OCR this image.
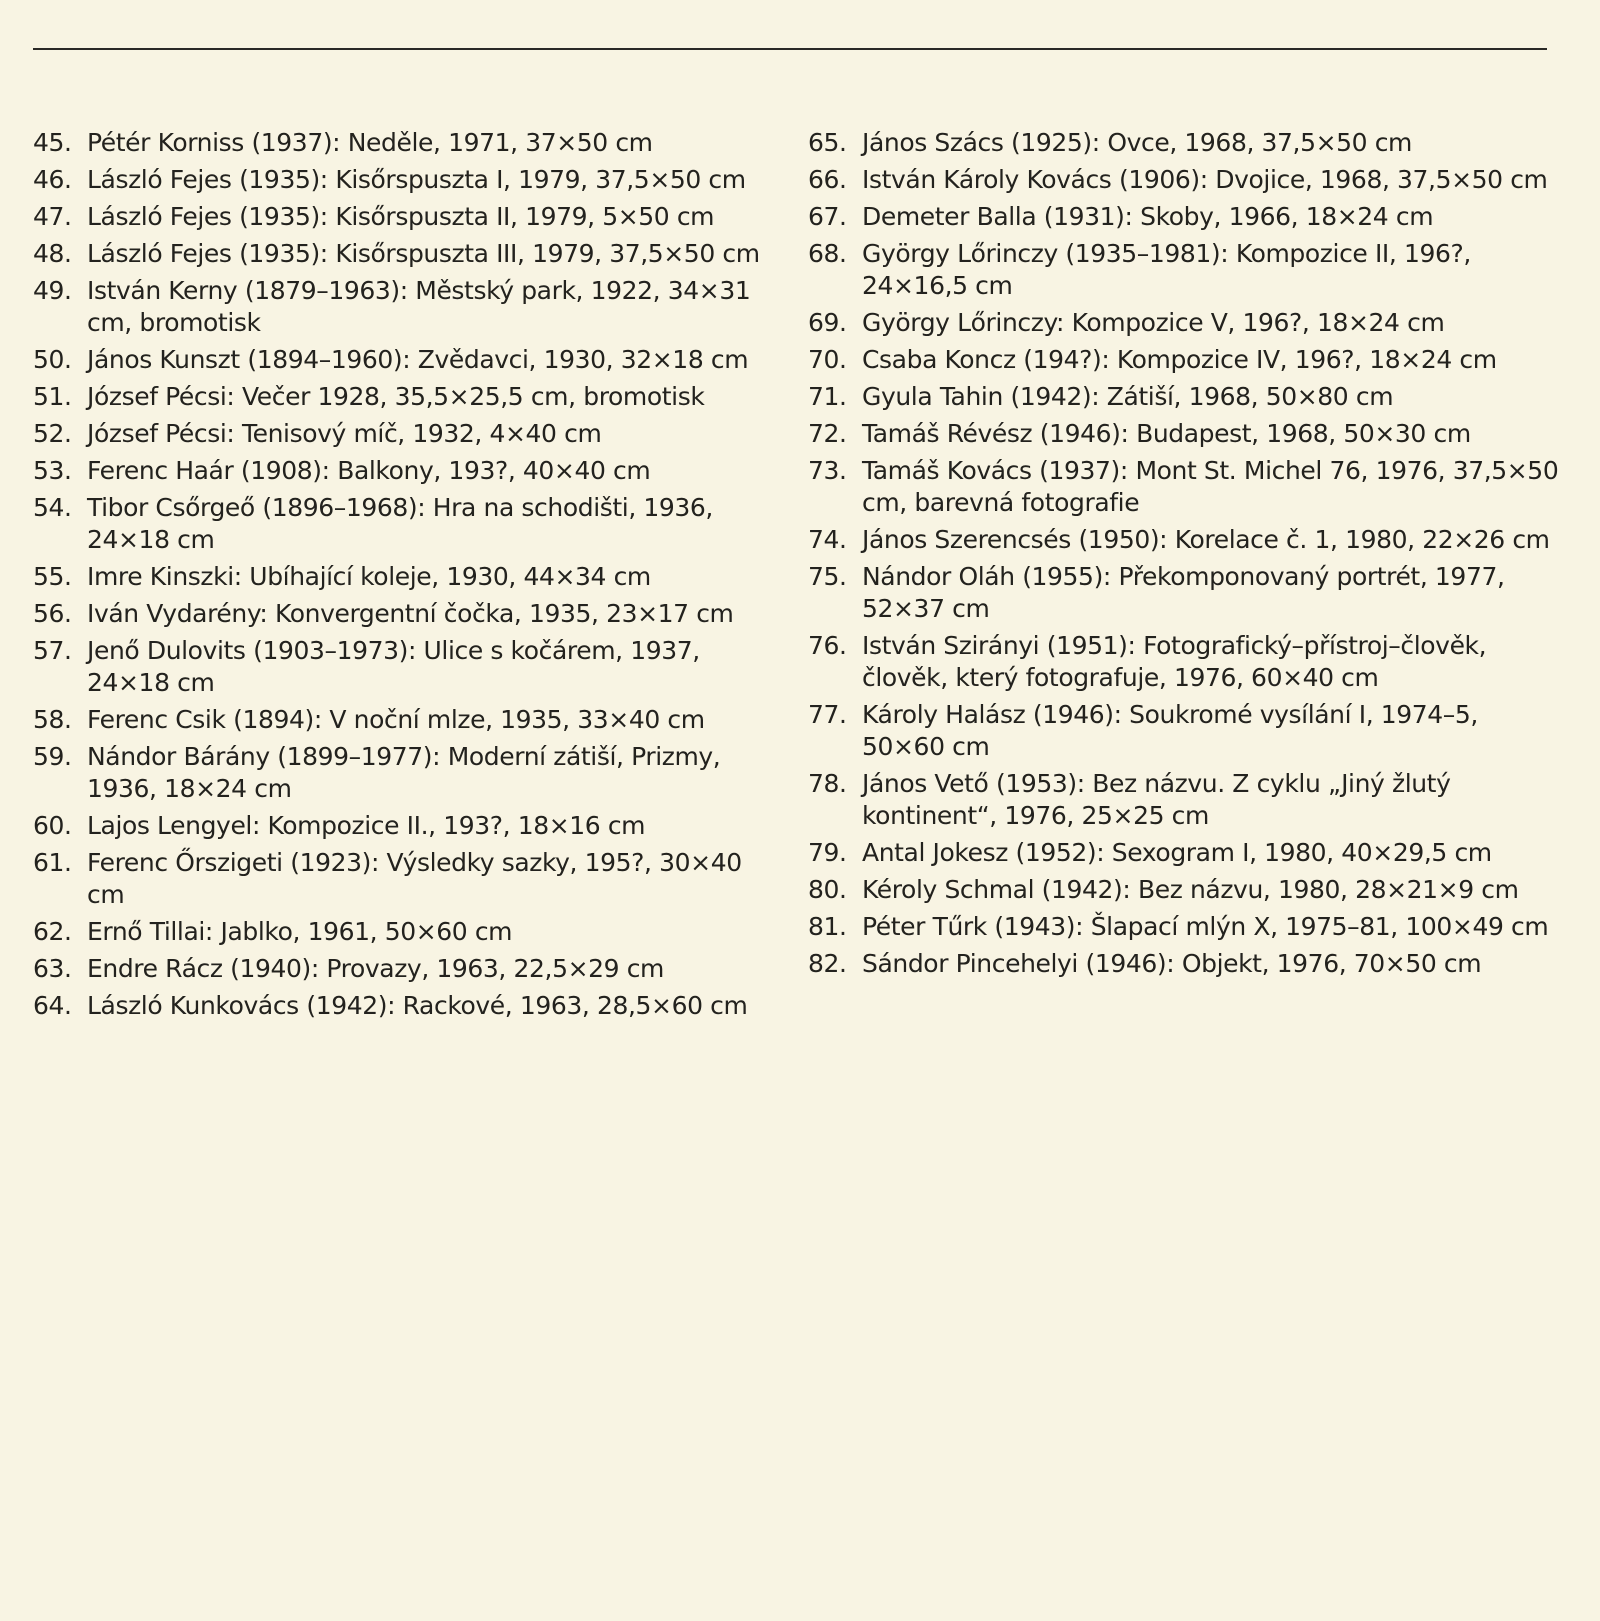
45. Pétér Korniss (1937): Neděle, 1971, 37×50 cm
46. László Fejes (1935): Kisőrspuszta I, 1979, 37,5×50 cm
47. László Fejes (1935): Kisőrspuszta II, 1979, 5×50 cm
48. László Fejes (1935): Kisőrspuszta III, 1979, 37,5×50 cm
49. István Kerny (1879–1963): Městský park, 1922, 34×31 cm, bromotisk
50. János Kunszt (1894–1960): Zvědavci, 1930, 32×18 cm
51. József Pécsi: Večer 1928, 35,5×25,5 cm, bromotisk
52. József Pécsi: Tenisový míč, 1932, 4×40 cm
53. Ferenc Haár (1908): Balkony, 193?, 40×40 cm
54. Tibor Csőrgeő (1896–1968): Hra na schodišti, 1936, 24×18 cm
55. Imre Kinszki: Ubíhající koleje, 1930, 44×34 cm
56. Iván Vydarény: Konvergentní čočka, 1935, 23×17 cm
57. Jenő Dulovits (1903–1973): Ulice s kočárem, 1937, 24×18 cm
58. Ferenc Csik (1894): V noční mlze, 1935, 33×40 cm
59. Nándor Bárány (1899–1977): Moderní zátiší, Prizmy, 1936, 18×24 cm
60. Lajos Lengyel: Kompozice II., 193?, 18×16 cm
61. Ferenc Őrszigeti (1923): Výsledky sazky, 195?, 30×40 cm
62. Ernő Tillai: Jablko, 1961, 50×60 cm
63. Endre Rácz (1940): Provazy, 1963, 22,5×29 cm
64. László Kunkovács (1942): Rackové, 1963, 28,5×60 cm
65. János Szács (1925): Ovce, 1968, 37,5×50 cm
66. István Károly Kovács (1906): Dvojice, 1968, 37,5×50 cm
67. Demeter Balla (1931): Skoby, 1966, 18×24 cm
68. György Lőrinczy (1935–1981): Kompozice II, 196?, 24×16,5 cm
69. György Lőrinczy: Kompozice V, 196?, 18×24 cm
70. Csaba Koncz (194?): Kompozice IV, 196?, 18×24 cm
71. Gyula Tahin (1942): Zátiší, 1968, 50×80 cm
72. Tamáš Révész (1946): Budapest, 1968, 50×30 cm
73. Tamáš Kovács (1937): Mont St. Michel 76, 1976, 37,5×50 cm, barevná fotografie
74. János Szerencsés (1950): Korelace č. 1, 1980, 22×26 cm
75. Nándor Oláh (1955): Překomponovaný portrét, 1977, 52×37 cm
76. István Szirányi (1951): Fotografický–přístroj–člověk, člověk, který fotografuje, 1976, 60×40 cm
77. Károly Halász (1946): Soukromé vysílání I, 1974–5, 50×60 cm
78. János Vető (1953): Bez názvu. Z cyklu „Jiný žlutý kontinent“, 1976, 25×25 cm
79. Antal Jokesz (1952): Sexogram I, 1980, 40×29,5 cm
80. Kéroly Schmal (1942): Bez názvu, 1980, 28×21×9 cm
81. Péter Tűrk (1943): Šlapací mlýn X, 1975–81, 100×49 cm
82. Sándor Pincehelyi (1946): Objekt, 1976, 70×50 cm
